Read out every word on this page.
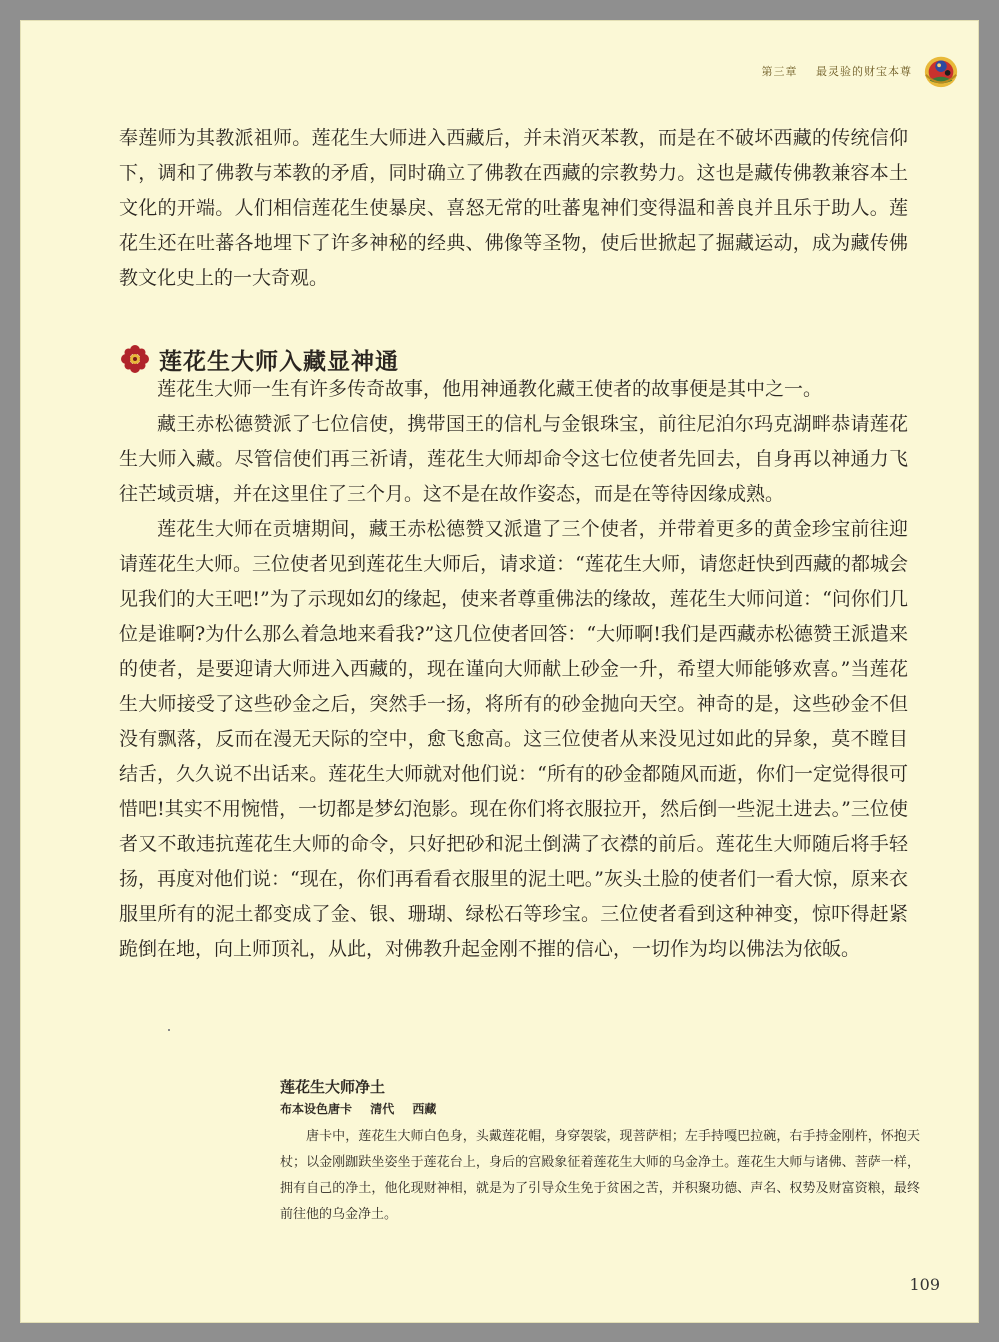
第三章 最灵验的财宝本尊

奉莲师为其教派祖师。莲花生大师进入西藏后，并未消灭苯教，而是在不破坏西藏的传统信仰下，调和了佛教与苯教的矛盾，同时确立了佛教在西藏的宗教势力。这也是藏传佛教兼容本土文化的开端。人们相信莲花生使暴戾、喜怒无常的吐蕃鬼神们变得温和善良并且乐于助人。莲花生还在吐蕃各地埋下了许多神秘的经典、佛像等圣物，使后世掀起了掘藏运动，成为藏传佛教文化史上的一大奇观。

莲花生大师入藏显神通

莲花生大师一生有许多传奇故事，他用神通教化藏王使者的故事便是其中之一。

藏王赤松德赞派了七位信使，携带国王的信札与金银珠宝，前往尼泊尔玛克湖畔恭请莲花生大师入藏。尽管信使们再三祈请，莲花生大师却命令这七位使者先回去，自身再以神通力飞往芒域贡塘，并在这里住了三个月。这不是在故作姿态，而是在等待因缘成熟。

莲花生大师在贡塘期间，藏王赤松德赞又派遣了三个使者，并带着更多的黄金珍宝前往迎请莲花生大师。三位使者见到莲花生大师后，请求道：“莲花生大师，请您赶快到西藏的都城会见我们的大王吧!”为了示现如幻的缘起，使来者尊重佛法的缘故，莲花生大师问道：“问你们几位是谁啊?为什么那么着急地来看我?”这几位使者回答：“大师啊!我们是西藏赤松德赞王派遣来的使者，是要迎请大师进入西藏的，现在谨向大师献上砂金一升，希望大师能够欢喜。”当莲花生大师接受了这些砂金之后，突然手一扬，将所有的砂金抛向天空。神奇的是，这些砂金不但没有飘落，反而在漫无天际的空中，愈飞愈高。这三位使者从来没见过如此的异象，莫不瞠目结舌，久久说不出话来。莲花生大师就对他们说：“所有的砂金都随风而逝，你们一定觉得很可惜吧!其实不用惋惜，一切都是梦幻泡影。现在你们将衣服拉开，然后倒一些泥土进去。”三位使者又不敢违抗莲花生大师的命令，只好把砂和泥土倒满了衣襟的前后。莲花生大师随后将手轻扬，再度对他们说：“现在，你们再看看衣服里的泥土吧。”灰头土脸的使者们一看大惊，原来衣服里所有的泥土都变成了金、银、珊瑚、绿松石等珍宝。三位使者看到这种神变，惊吓得赶紧跪倒在地，向上师顶礼，从此，对佛教升起金刚不摧的信心，一切作为均以佛法为依皈。

莲花生大师净土
布本设色唐卡 清代 西藏

唐卡中，莲花生大师白色身，头戴莲花帽，身穿袈裟，现菩萨相；左手持嘎巴拉碗，右手持金刚杵，怀抱天杖；以金刚跏趺坐姿坐于莲花台上，身后的宫殿象征着莲花生大师的乌金净土。莲花生大师与诸佛、菩萨一样，拥有自己的净土，他化现财神相，就是为了引导众生免于贫困之苦，并积聚功德、声名、权势及财富资粮，最终前往他的乌金净土。

109
